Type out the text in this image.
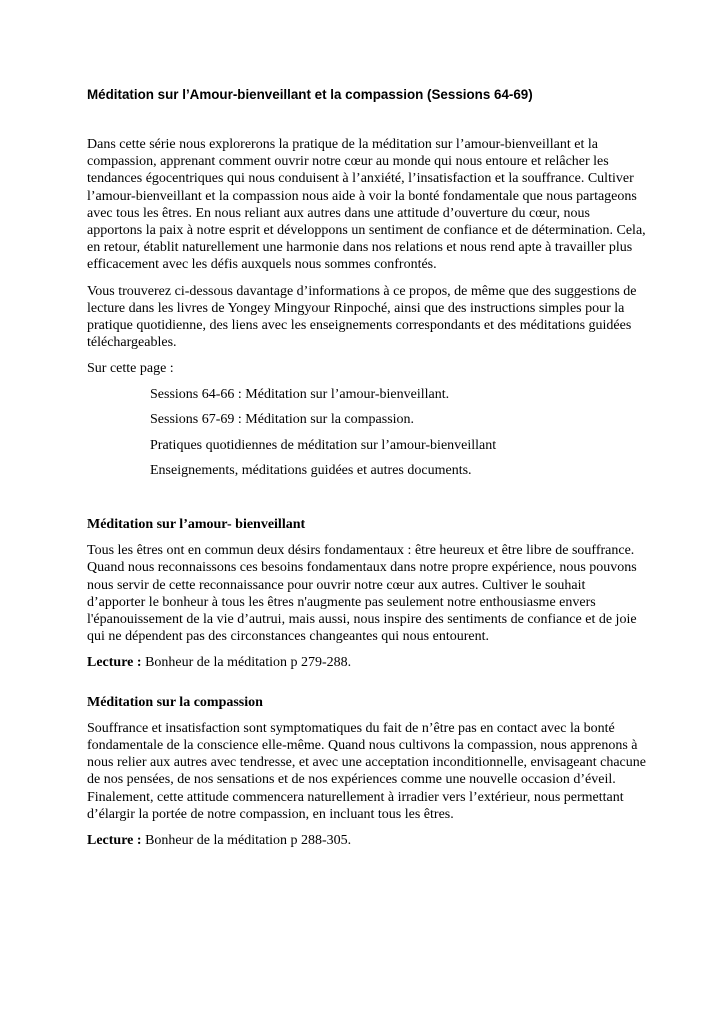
Méditation sur l’Amour-bienveillant et la compassion (Sessions 64-69)

Dans cette série nous explorerons la pratique de la méditation sur l’amour-bienveillant et la compassion, apprenant comment ouvrir notre cœur au monde qui nous entoure et relâcher les tendances égocentriques qui nous conduisent à l’anxiété, l’insatisfaction et la souffrance. Cultiver l’amour-bienveillant et la compassion nous aide à voir la bonté fondamentale que nous partageons avec tous les êtres. En nous reliant aux autres dans une attitude d’ouverture du cœur, nous apportons la paix à notre esprit et développons un sentiment de confiance et de détermination. Cela, en retour, établit naturellement une harmonie dans nos relations et nous rend apte à travailler plus efficacement avec les défis auxquels nous sommes confrontés.

Vous trouverez ci-dessous davantage d’informations à ce propos, de même que des suggestions de lecture dans les livres de Yongey Mingyour Rinpoché, ainsi que des instructions simples pour la pratique quotidienne, des liens avec les enseignements correspondants et des méditations guidées téléchargeables.

Sur cette page :
Sessions 64-66 : Méditation sur l’amour-bienveillant.
Sessions 67-69 : Méditation sur la compassion.
Pratiques quotidiennes de méditation sur l’amour-bienveillant
Enseignements, méditations guidées et autres documents.
Méditation sur l’amour- bienveillant

Tous les êtres ont en commun deux désirs fondamentaux : être heureux et être libre de souffrance. Quand nous reconnaissons ces besoins fondamentaux dans notre propre expérience, nous pouvons nous servir de cette reconnaissance pour ouvrir notre cœur aux autres. Cultiver le souhait d’apporter le bonheur à tous les êtres n'augmente pas seulement notre enthousiasme envers l'épanouissement de la vie d’autrui, mais aussi, nous inspire des sentiments de confiance et de joie qui ne dépendent pas des circonstances changeantes qui nous entourent.

Lecture : Bonheur de la méditation p 279-288.
Méditation sur la compassion

Souffrance et insatisfaction sont symptomatiques du fait de n’être pas en contact avec la bonté fondamentale de la conscience elle-même. Quand nous cultivons la compassion, nous apprenons à nous relier aux autres avec tendresse, et avec une acceptation inconditionnelle, envisageant chacune de nos pensées, de nos sensations et de nos expériences comme une nouvelle occasion d’éveil. Finalement, cette attitude commencera naturellement à irradier vers l’extérieur, nous permettant d’élargir la portée de notre compassion, en incluant tous les êtres.

Lecture : Bonheur de la méditation p 288-305.
